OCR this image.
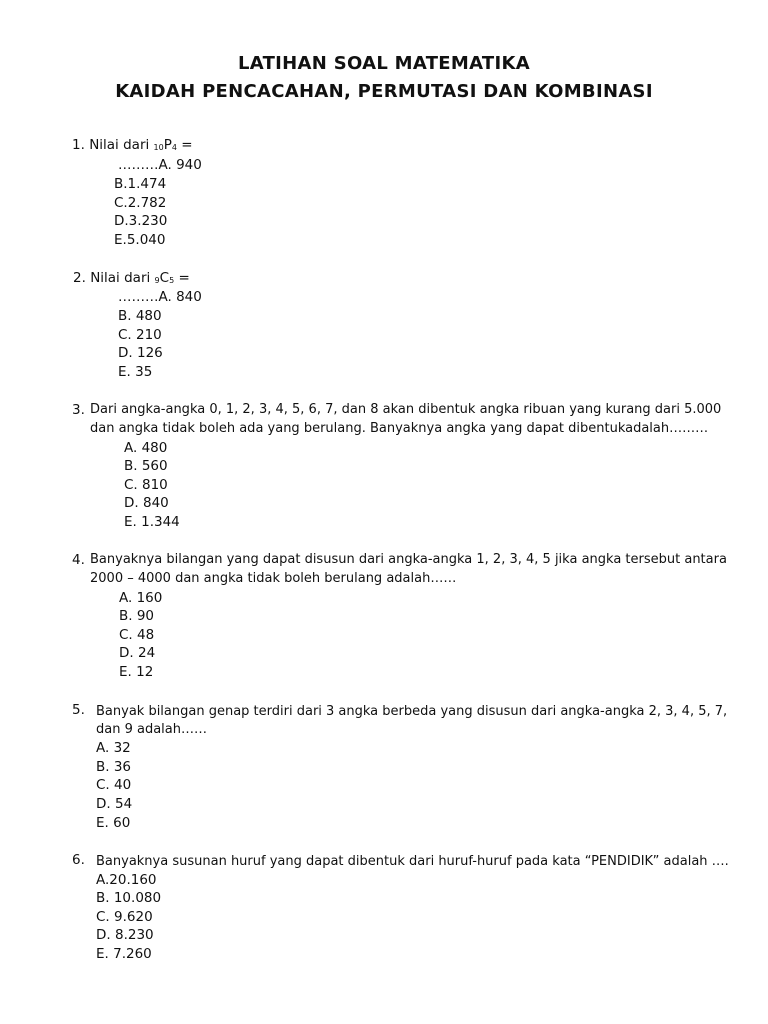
LATIHAN SOAL MATEMATIKA
KAIDAH PENCACAHAN, PERMUTASI DAN KOMBINASI
1. Nilai dari $_{10}P_4$ =
………A. 940
B.1.474
C.2.782
D.3.230
E.5.040
2. Nilai dari $_9C_5$ =
………A. 840
B. 480
C. 210
D. 126
E. 35
3. Dari angka-angka 0, 1, 2, 3, 4, 5, 6, 7, dan 8 akan dibentuk angka ribuan yang kurang dari 5.000
dan angka tidak boleh ada yang berulang. Banyaknya angka yang dapat dibentukadalah………
A. 480
B. 560
C. 810
D. 840
E. 1.344
4. Banyaknya bilangan yang dapat disusun dari angka-angka 1, 2, 3, 4, 5 jika angka tersebut antara
2000 – 4000 dan angka tidak boleh berulang adalah……
A. 160
B. 90
C. 48
D. 24
E. 12
5. Banyak bilangan genap terdiri dari 3 angka berbeda yang disusun dari angka-angka 2, 3, 4, 5, 7,
dan 9 adalah……
A. 32
B. 36
C. 40
D. 54
E. 60
6. Banyaknya susunan huruf yang dapat dibentuk dari huruf-huruf pada kata “PENDIDIK” adalah ….
A.20.160
B. 10.080
C. 9.620
D. 8.230
E. 7.260
